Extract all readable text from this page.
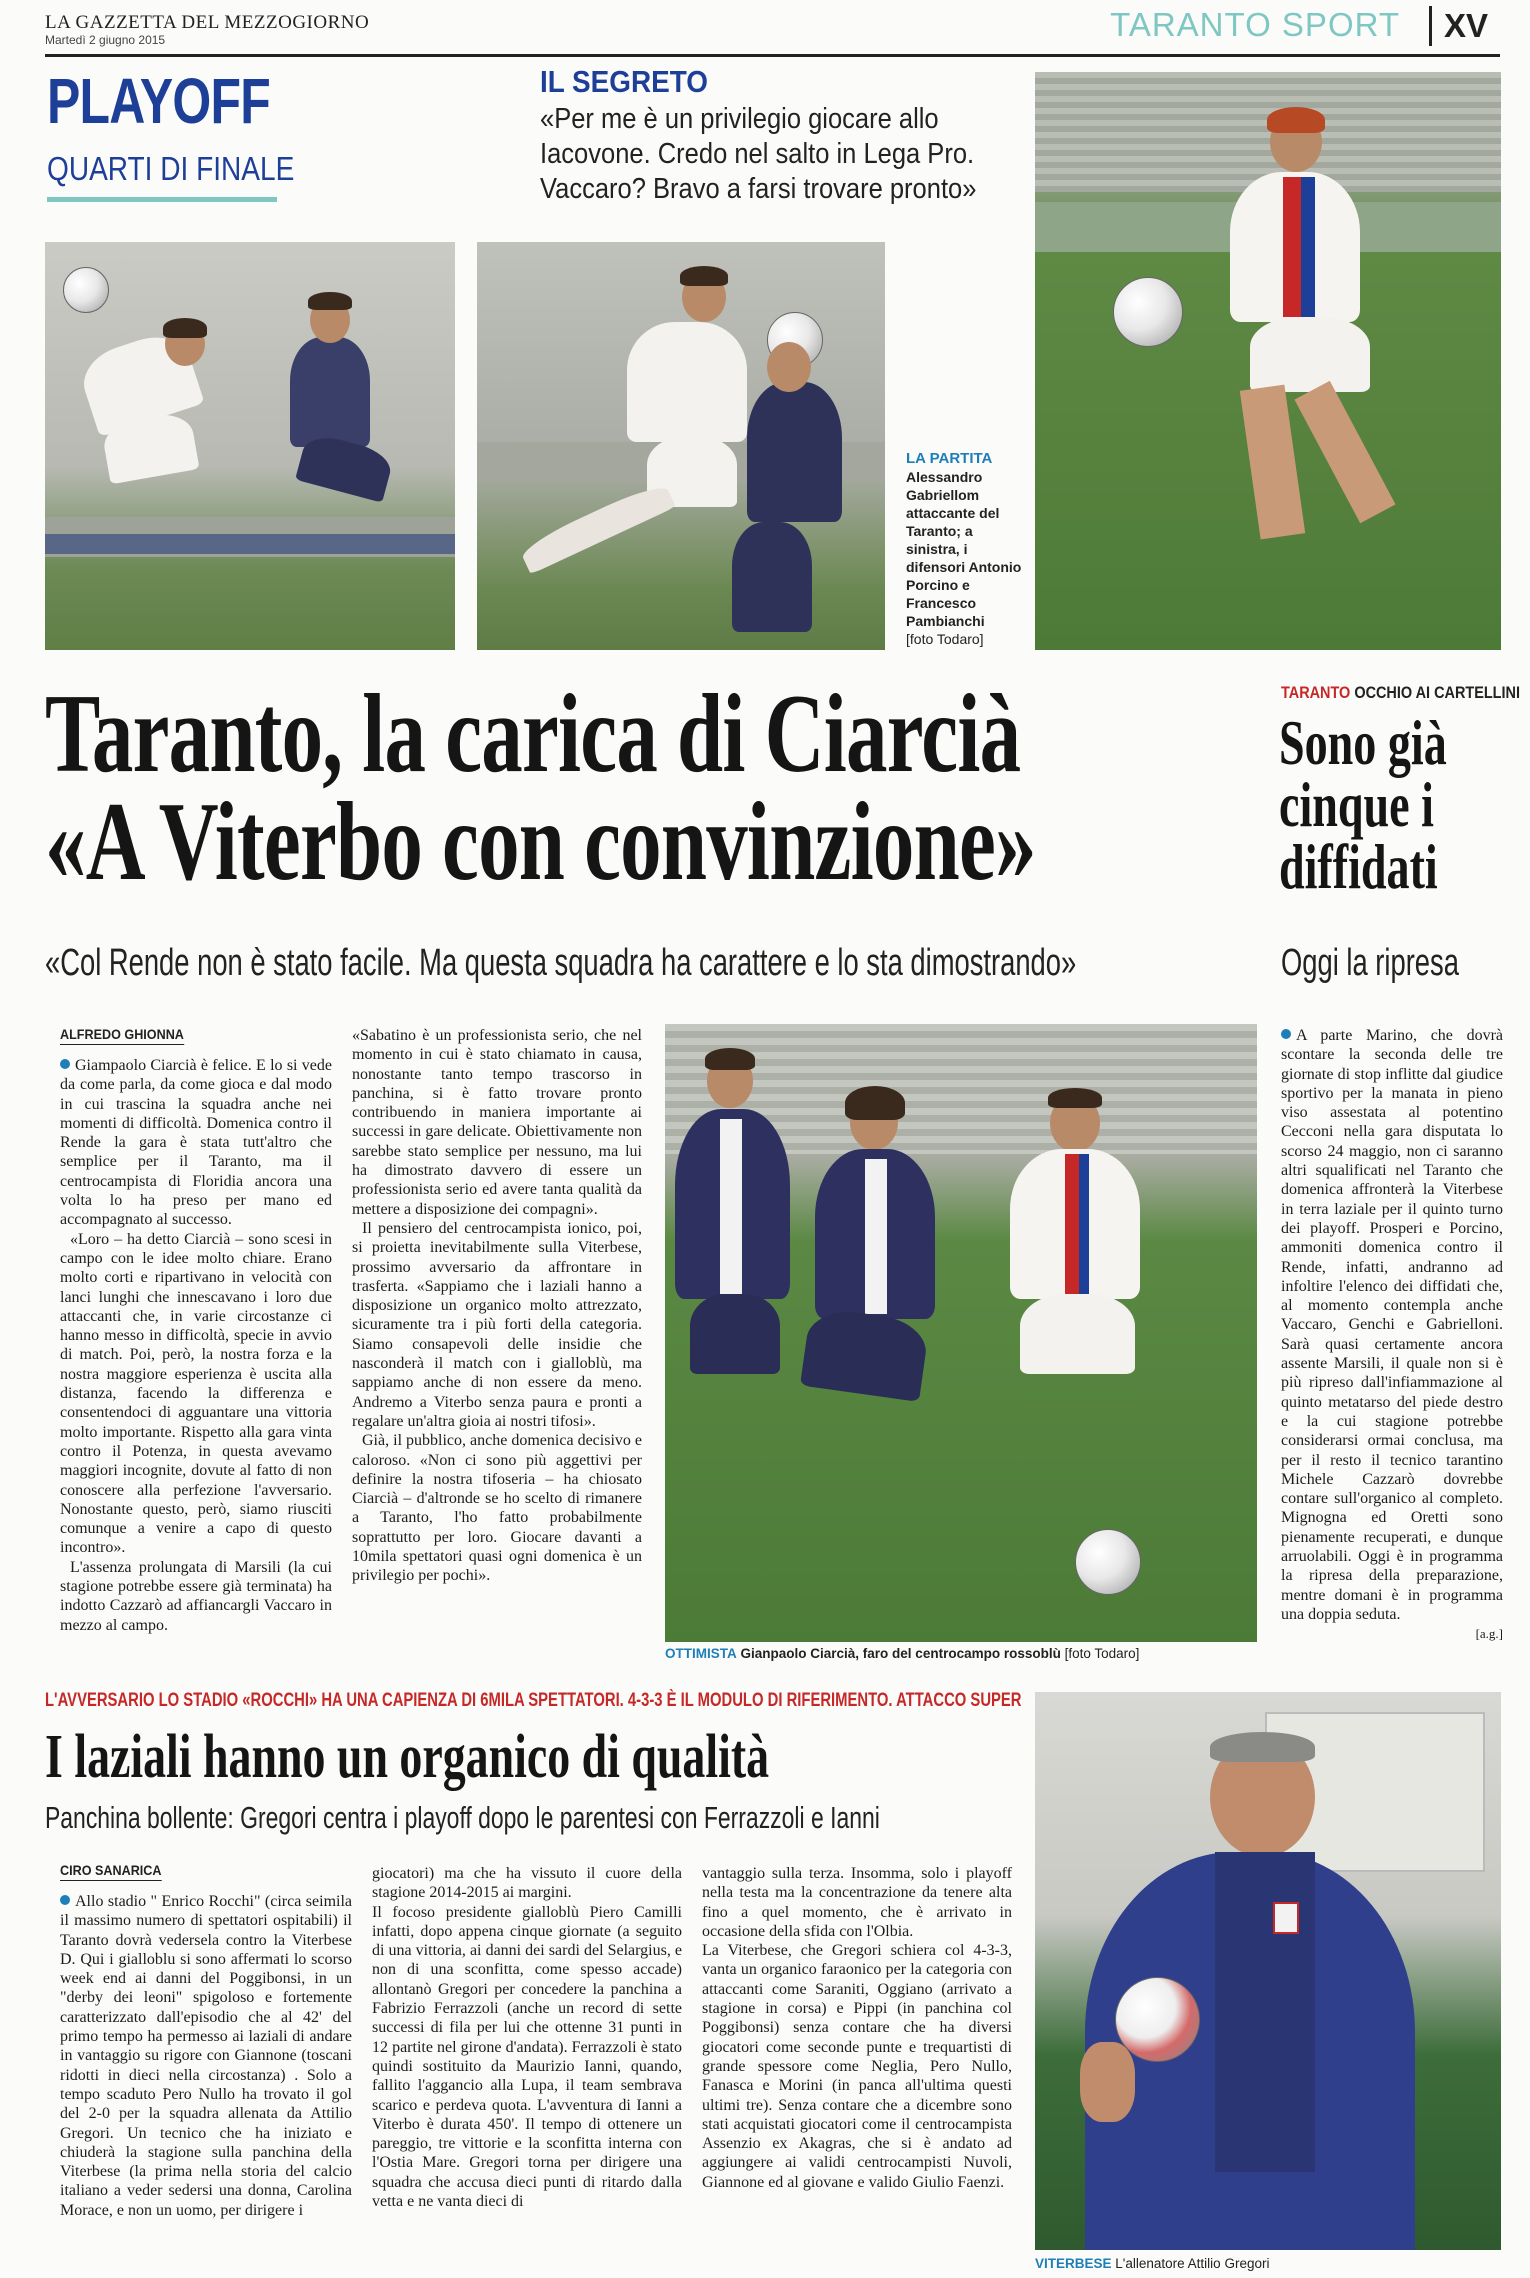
LA GAZZETTA DEL MEZZOGIORNO
Martedì 2 giugno 2015	TARANTO SPORT	XV
PLAYOFF
QUARTI DI FINALE
IL SEGRETO
«Per me è un privilegio giocare allo Iacovone. Credo nel salto in Lega Pro. Vaccaro? Bravo a farsi trovare pronto»
LA PARTITA
Alessandro Gabriellom attaccante del Taranto; a sinistra, i difensori Antonio Porcino e Francesco Pambianchi
[foto Todaro]
Taranto, la carica di Ciarcià
«A Viterbo con convinzione»
«Col Rende non è stato facile. Ma questa squadra ha carattere e lo sta dimostrando»
TARANTO OCCHIO AI CARTELLINI
Sono già cinque i diffidati
Oggi la ripresa
ALFREDO GHIONNA

Giampaolo Ciarcià è felice. E lo si vede da come parla, da come gioca e dal modo in cui trascina la squadra anche nei momenti di difficoltà. Domenica contro il Rende la gara è stata tutt'altro che semplice per il Taranto, ma il centrocampista di Floridia ancora una volta lo ha preso per mano ed accompagnato al successo.

«Loro – ha detto Ciarcià – sono scesi in campo con le idee molto chiare. Erano molto corti e ripartivano in velocità con lanci lunghi che innescavano i loro due attaccanti che, in varie circostanze ci hanno messo in difficoltà, specie in avvio di match. Poi, però, la nostra forza e la nostra maggiore esperienza è uscita alla distanza, facendo la differenza e consentendoci di agguantare una vittoria molto importante. Rispetto alla gara vinta contro il Potenza, in questa avevamo maggiori incognite, dovute al fatto di non conoscere alla perfezione l'avversario. Nonostante questo, però, siamo riusciti comunque a venire a capo di questo incontro».

L'assenza prolungata di Marsili (la cui stagione potrebbe essere già terminata) ha indotto Cazzarò ad affiancargli Vaccaro in mezzo al campo.

«Sabatino è un professionista serio, che nel momento in cui è stato chiamato in causa, nonostante tanto tempo trascorso in panchina, si è fatto trovare pronto contribuendo in maniera importante ai successi in gare delicate. Obiettivamente non sarebbe stato semplice per nessuno, ma lui ha dimostrato davvero di essere un professionista serio ed avere tanta qualità da mettere a disposizione dei compagni».

Il pensiero del centrocampista ionico, poi, si proietta inevitabilmente sulla Viterbese, prossimo avversario da affrontare in trasferta. «Sappiamo che i laziali hanno a disposizione un organico molto attrezzato, sicuramente tra i più forti della categoria. Siamo consapevoli delle insidie che nasconderà il match con i gialloblù, ma sappiamo anche di non essere da meno. Andremo a Viterbo senza paura e pronti a regalare un'altra gioia ai nostri tifosi».

Già, il pubblico, anche domenica decisivo e caloroso. «Non ci sono più aggettivi per definire la nostra tifoseria – ha chiosato Ciarcià – d'altronde se ho scelto di rimanere a Taranto, l'ho fatto probabilmente soprattutto per loro. Giocare davanti a 10mila spettatori quasi ogni domenica è un privilegio per pochi».

OTTIMISTA Gianpaolo Ciarcià, faro del centrocampo rossoblù [foto Todaro]

A parte Marino, che dovrà scontare la seconda delle tre giornate di stop inflitte dal giudice sportivo per la manata in pieno viso assestata al potentino Cecconi nella gara disputata lo scorso 24 maggio, non ci saranno altri squalificati nel Taranto che domenica affronterà la Viterbese in terra laziale per il quinto turno dei playoff. Prosperi e Porcino, ammoniti domenica contro il Rende, infatti, andranno ad infoltire l'elenco dei diffidati che, al momento contempla anche Vaccaro, Genchi e Gabrielloni. Sarà quasi certamente ancora assente Marsili, il quale non si è più ripreso dall'infiammazione al quinto metatarso del piede destro e la cui stagione potrebbe considerarsi ormai conclusa, ma per il resto il tecnico tarantino Michele Cazzarò dovrebbe contare sull'organico al completo. Mignogna ed Oretti sono pienamente recuperati, e dunque arruolabili. Oggi è in programma la ripresa della preparazione, mentre domani è in programma una doppia seduta.

[a.g.]
L'AVVERSARIO LO STADIO «ROCCHI» HA UNA CAPIENZA DI 6MILA SPETTATORI. 4-3-3 È IL MODULO DI RIFERIMENTO. ATTACCO SUPER
I laziali hanno un organico di qualità
Panchina bollente: Gregori centra i playoff dopo le parentesi con Ferrazzoli e Ianni
CIRO SANARICA

Allo stadio " Enrico Rocchi" (circa seimila il massimo numero di spettatori ospitabili) il Taranto dovrà vedersela contro la Viterbese D. Qui i gialloblu si sono affermati lo scorso week end ai danni del Poggibonsi, in un "derby dei leoni" spigoloso e fortemente caratterizzato dall'episodio che al 42' del primo tempo ha permesso ai laziali di andare in vantaggio su rigore con Giannone (toscani ridotti in dieci nella circostanza) . Solo a tempo scaduto Pero Nullo ha trovato il gol del 2-0 per la squadra allenata da Attilio Gregori. Un tecnico che ha iniziato e chiuderà la stagione sulla panchina della Viterbese (la prima nella storia del calcio italiano a veder sedersi una donna, Carolina Morace, e non un uomo, per dirigere i

giocatori) ma che ha vissuto il cuore della stagione 2014-2015 ai margini.
Il focoso presidente gialloblù Piero Camilli infatti, dopo appena cinque giornate (a seguito di una vittoria, ai danni dei sardi del Selargius, e non di una sconfitta, come spesso accade) allontanò Gregori per concedere la panchina a Fabrizio Ferrazzoli (anche un record di sette successi di fila per lui che ottenne 31 punti in 12 partite nel girone d'andata). Ferrazzoli è stato quindi sostituito da Maurizio Ianni, quando, fallito l'aggancio alla Lupa, il team sembrava scarico e perdeva quota. L'avventura di Ianni a Viterbo è durata 450'. Il tempo di ottenere un pareggio, tre vittorie e la sconfitta interna con l'Ostia Mare. Gregori torna per dirigere una squadra che accusa dieci punti di ritardo dalla vetta e ne vanta dieci di
vantaggio sulla terza. Insomma, solo i playoff nella testa ma la concentrazione da tenere alta fino a quel momento, che è arrivato in occasione della sfida con l'Olbia.
La Viterbese, che Gregori schiera col 4-3-3, vanta un organico faraonico per la categoria con attaccanti come Saraniti, Oggiano (arrivato a stagione in corsa) e Pippi (in panchina col Poggibonsi) senza contare che ha diversi giocatori come seconde punte e trequartisti di grande spessore come Neglia, Pero Nullo, Fanasca e Morini (in panca all'ultima questi ultimi tre). Senza contare che a dicembre sono stati acquistati giocatori come il centrocampista Assenzio ex Akagras, che si è andato ad aggiungere ai validi centrocampisti Nuvoli, Giannone ed al giovane e valido Giulio Faenzi.
VITERBESE L'allenatore Attilio Gregori
